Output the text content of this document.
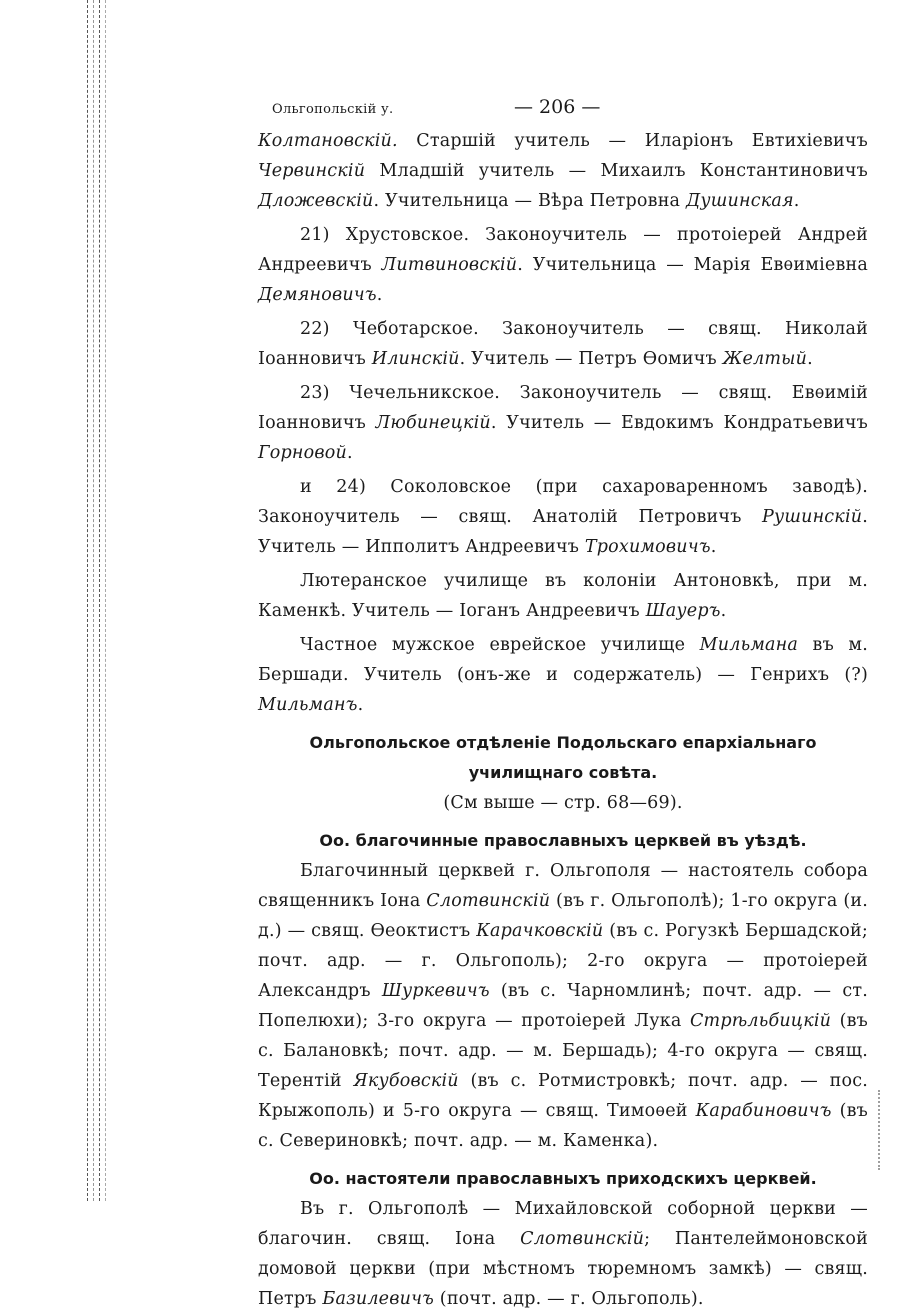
Ольгопольскій у.	— 206 —

Колтановскій. Старшій учитель — Иларіонъ Евтихіевичъ Червинскій Младшій учитель — Михаилъ Константиновичъ Дложевскій. Учительница — Вѣра Петровна Душинская.

21) Хрустовское. Законоучитель — протоіерей Андрей Андреевичъ Литвиновскій. Учительница — Марія Евѳиміевна Демяновичъ.

22) Чеботарское. Законоучитель — свящ. Николай Іоанновичъ Илинскій. Учитель — Петръ Ѳомичъ Желтый.

23) Чечельникское. Законоучитель — свящ. Евѳимій Іоанновичъ Любинецкій. Учитель — Евдокимъ Кондратьевичъ Горновой.

и 24) Соколовское (при сахароваренномъ заводѣ). Законоучитель — свящ. Анатолій Петровичъ Рушинскій. Учитель — Ипполитъ Андреевичъ Трохимовичъ.

Лютеранское училище въ колоніи Антоновкѣ, при м. Каменкѣ. Учитель — Іоганъ Андреевичъ Шауеръ.

Частное мужское еврейское училище Мильмана въ м. Бершади. Учитель (онъ-же и содержатель) — Генрихъ (?) Мильманъ.

Ольгопольское отдѣленіе Подольскаго епархіальнаго училищнаго совѣта.

(См выше — стр. 68—69).

Оо. благочинные православныхъ церквей въ уѣздѣ.

Благочинный церквей г. Ольгополя — настоятель собора священникъ Іона Слотвинскій (въ г. Ольгополѣ); 1-го округа (и. д.) — свящ. Ѳеоктистъ Карачковскій (въ с. Рогузкѣ Бершадской; почт. адр. — г. Ольгополь); 2-го округа — протоіерей Александръ Шуркевичъ (въ с. Чарномлинѣ; почт. адр. — ст. Попелюхи); 3-го округа — протоіерей Лука Стрѣльбицкій (въ с. Балановкѣ; почт. адр. — м. Бершадь); 4-го округа — свящ. Терентій Якубовскій (въ с. Ротмистровкѣ; почт. адр. — пос. Крыжополь) и 5-го округа — свящ. Тимоѳей Карабиновичъ (въ с. Севериновкѣ; почт. адр. — м. Каменка).

Оо. настоятели православныхъ приходскихъ церквей.

Въ г. Ольгополѣ — Михайловской соборной церкви — благочин. свящ. Іона Слотвинскій; Пантелеймоновской домовой церкви (при мѣстномъ тюремномъ замкѣ) — свящ. Петръ Базилевичъ (почт. адр. — г. Ольгополь).
